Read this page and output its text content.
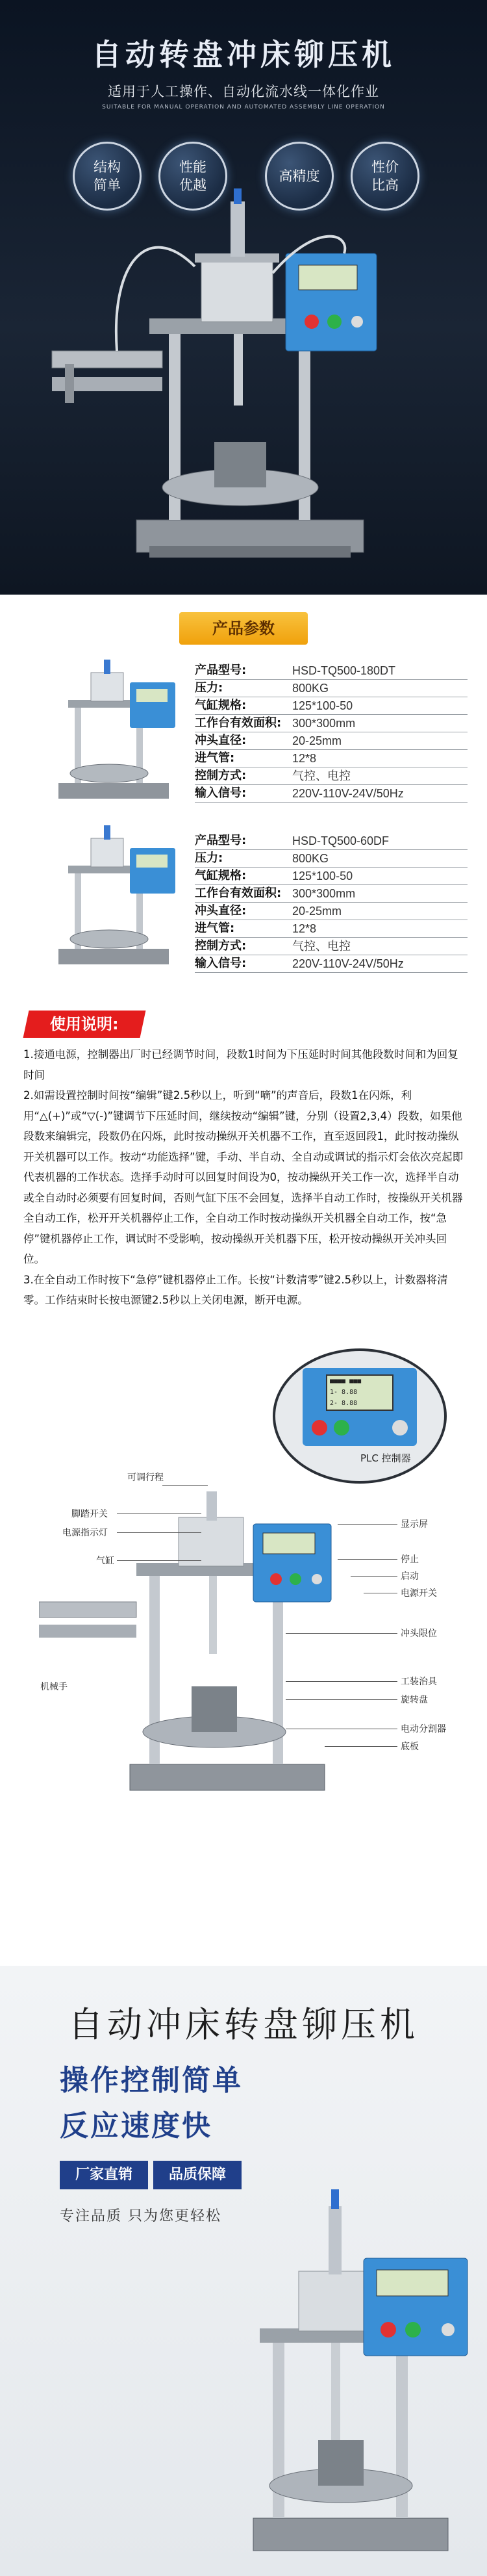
自动转盘冲床铆压机
适用于人工操作、自动化流水线一体化作业
SUITABLE FOR MANUAL OPERATION AND AUTOMATED ASSEMBLY LINE OPERATION
结构
简单
性能
优越
高精度
性价
比高
产品参数
产品型号:	HSD-TQ500-180DT
压力:	800KG
气缸规格:	125*100-50
工作台有效面积: 300*300mm
冲头直径:	20-25mm
进气管:	12*8
控制方式:	气控、电控
输入信号:	220V-110V-24V/50Hz
产品型号:	HSD-TQ500-60DF
压力:	800KG
气缸规格:	125*100-50
工作台有效面积: 300*300mm
冲头直径:	20-25mm
进气管:	12*8
控制方式:	气控、电控
输入信号:	220V-110V-24V/50Hz
使用说明:

1.接通电源，控制器出厂时已经调节时间，段数1时间为下压延时时间其他段数时间和为回复时间

2.如需设置控制时间按“编辑”键2.5秒以上，听到“嘀”的声音后，段数1在闪烁，利用“△(+)”或“▽(-)”键调节下压延时间，继续按动“编辑”键，分别（设置2,3,4）段数，如果他段数来编辑完，段数仍在闪烁，此时按动操纵开关机器不工作，直至返回段1，此时按动操纵开关机器可以工作。按动“功能选择”键，手动、半自动、全自动或调试的指示灯会依次亮起即代表机器的工作状态。选择手动时可以回复时间设为0，按动操纵开关工作一次，选择半自动或全自动时必须要有回复时间，否则气缸下压不会回复，选择半自动工作时，按操纵开关机器全自动工作，松开开关机器停止工作，全自动工作时按动操纵开关机器全自动工作，按“急停”键机器停止工作，调试时不受影响，按动操纵开关机器下压，松开按动操纵开关冲头回位。

3.在全自动工作时按下“急停”键机器停止工作。长按“计数清零”键2.5秒以上，计数器将清零。工作结束时长按电源键2.5秒以上关闭电源，断开电源。

■■■■ ■■■
1- 8.88
2- 8.88
PLC 控制器
可调行程
脚踏开关
电源指示灯
气缸
机械手
显示屏
停止
启动
电源开关
冲头限位
工装治具
旋转盘
电动分割器
底板
自动冲床转盘铆压机
操作控制简单
反应速度快
厂家直销	品质保障
专注品质 只为您更轻松
